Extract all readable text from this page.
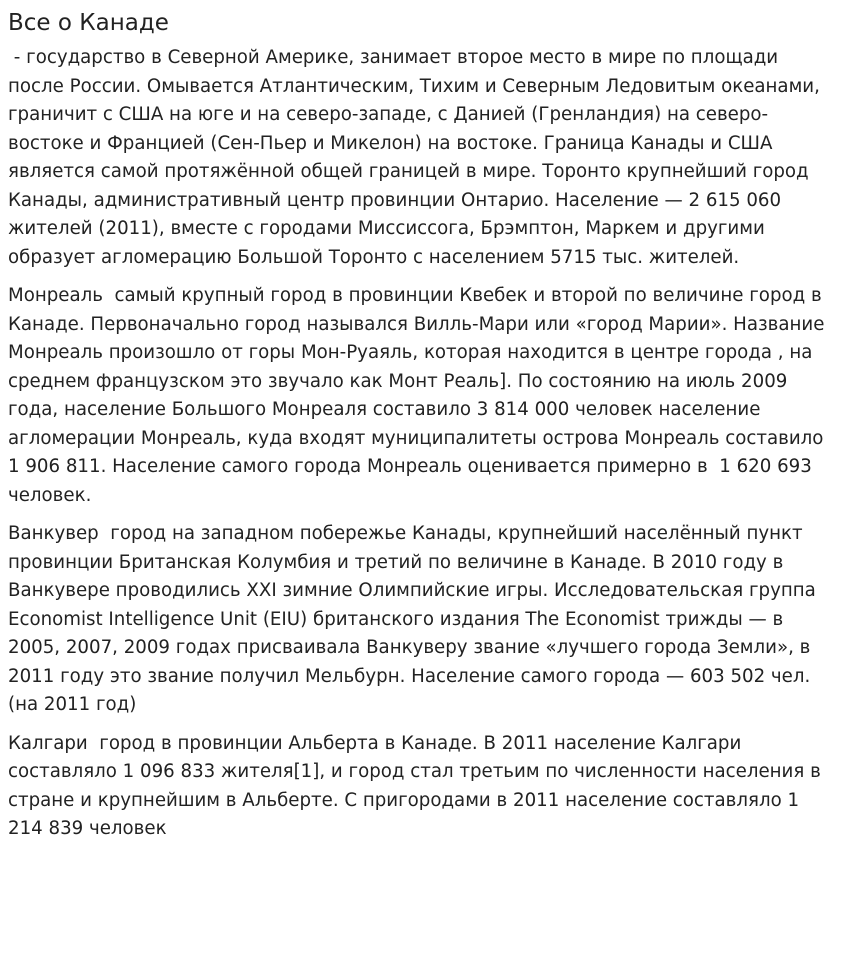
Все о Канаде

- государство в Северной Америке, занимает второе место в мире по площади после России. Омывается Атлантическим, Тихим и Северным Ледовитым океанами, граничит с США на юге и на северо-западе, с Данией (Гренландия) на северо-востоке и Францией (Сен-Пьер и Микелон) на востоке. Граница Канады и США является самой протяжённой общей границей в мире. Торонто крупнейший город Канады, административный центр провинции Онтарио. Население — 2 615 060 жителей (2011), вместе с городами Миссиссога, Брэмптон, Маркем и другими образует агломерацию Большой Торонто с населением 5715 тыс. жителей.

Монреаль  самый крупный город в провинции Квебек и второй по величине город в Канаде. Первоначально город назывался Вилль-Мари или «город Марии». Название Монреаль произошло от горы Мон-Руаяль, которая находится в центре города , на среднем французском это звучало как Монт Реаль]. По состоянию на июль 2009 года, население Большого Монреаля составило 3 814 000 человек население агломерации Монреаль, куда входят муниципалитеты острова Монреаль составило 1 906 811. Население самого города Монреаль оценивается примерно в  1 620 693 человек.

Ванкувер  город на западном побережье Канады, крупнейший населённый пункт провинции Британская Колумбия и третий по величине в Канаде. В 2010 году в Ванкувере проводились XXI зимние Олимпийские игры. Исследовательская группа Economist Intelligence Unit (EIU) британского издания The Economist трижды — в 2005, 2007, 2009 годах присваивала Ванкуверу звание «лучшего города Земли», в 2011 году это звание получил Мельбурн. Население самого города — 603 502 чел. (на 2011 год)

Калгари  город в провинции Альберта в Канаде. В 2011 население Калгари составляло 1 096 833 жителя[1], и город стал третьим по численности населения в стране и крупнейшим в Альберте. С пригородами в 2011 население составляло 1 214 839 человек
